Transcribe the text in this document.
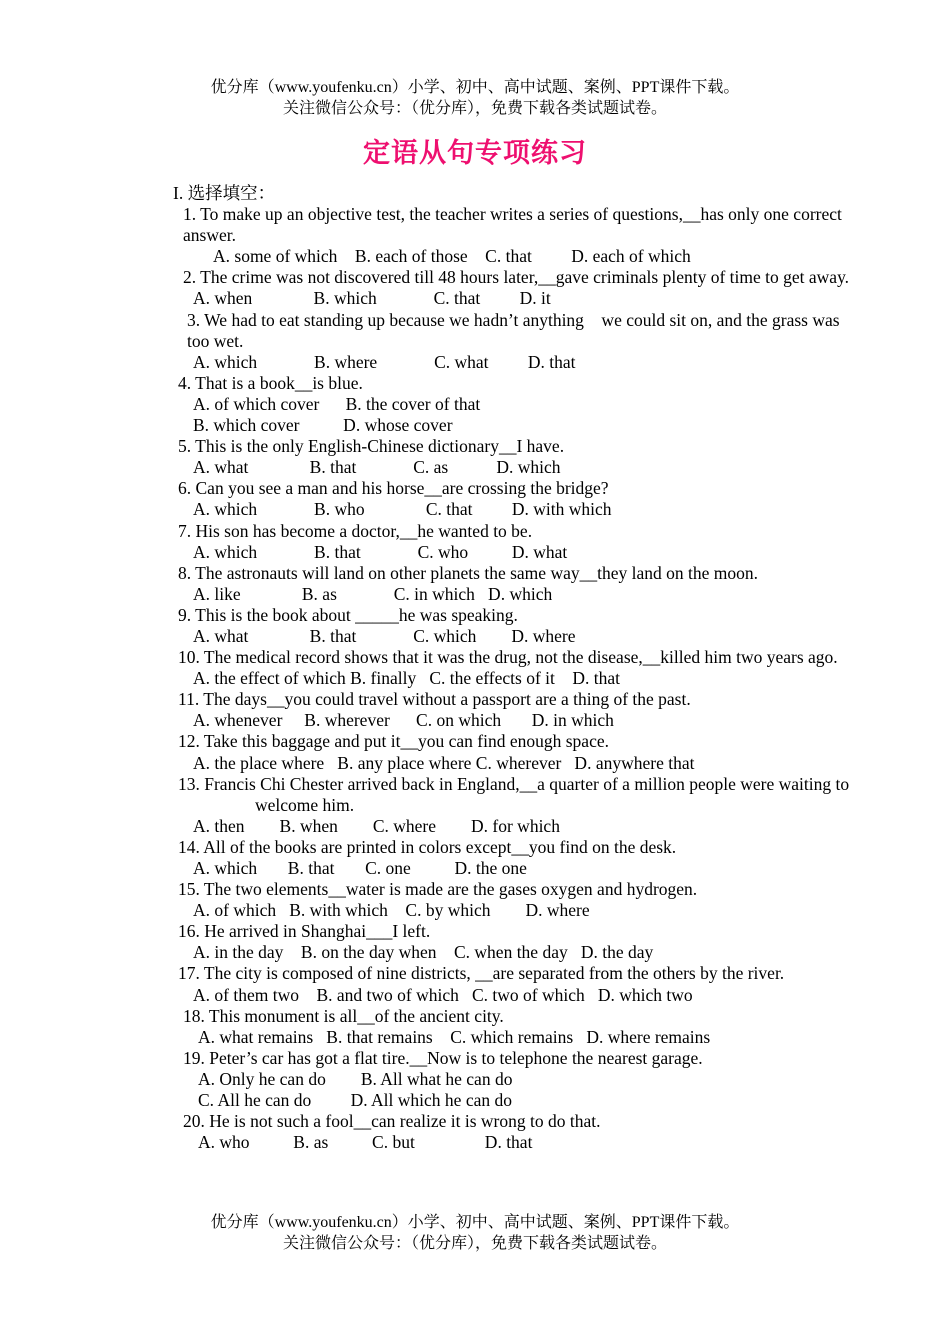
优分库（www.youfenku.cn）小学、初中、高中试题、案例、PPT课件下载。
关注微信公众号：（优分库），免费下载各类试题试卷。
定语从句专项练习
I. 选择填空：
1. To make up an objective test, the teacher writes a series of questions,__has only one correct answer.
A. some of which    B. each of those    C. that         D. each of which
2. The crime was not discovered till 48 hours later,__gave criminals plenty of time to get away.
A. when              B. which             C. that         D. it
3. We had to eat standing up because we hadn’t anything    we could sit on, and the grass was too wet.
A. which             B. where             C. what         D. that
4. That is a book__is blue.
A. of which cover      B. the cover of that
B. which cover          D. whose cover
5. This is the only English-Chinese dictionary__I have.
A. what              B. that             C. as           D. which
6. Can you see a man and his horse__are crossing the bridge?
A. which             B. who              C. that         D. with which
7. His son has become a doctor,__he wanted to be.
A. which             B. that             C. who          D. what
8. The astronauts will land on other planets the same way__they land on the moon.
A. like              B. as             C. in which   D. which
9. This is the book about _____he was speaking.
A. what              B. that             C. which        D. where
10. The medical record shows that it was the drug, not the disease,__killed him two years ago.
A. the effect of which B. finally   C. the effects of it    D. that
11. The days__you could travel without a passport are a thing of the past.
A. whenever     B. wherever      C. on which       D. in which
12. Take this baggage and put it__you can find enough space.
A. the place where   B. any place where C. wherever   D. anywhere that
13. Francis Chi Chester arrived back in England,__a quarter of a million people were waiting to welcome him.
A. then        B. when        C. where        D. for which
14. All of the books are printed in colors except__you find on the desk.
A. which       B. that       C. one          D. the one
15. The two elements__water is made are the gases oxygen and hydrogen.
A. of which   B. with which    C. by which        D. where
16. He arrived in Shanghai___I left.
A. in the day    B. on the day when    C. when the day   D. the day
17. The city is composed of nine districts, __are separated from the others by the river.
A. of them two    B. and two of which   C. two of which   D. which two
18. This monument is all__of the ancient city.
A. what remains   B. that remains    C. which remains   D. where remains
19. Peter’s car has got a flat tire.__Now is to telephone the nearest garage.
A. Only he can do        B. All what he can do
C. All he can do         D. All which he can do
20. He is not such a fool__can realize it is wrong to do that.
A. who          B. as          C. but                D. that
优分库（www.youfenku.cn）小学、初中、高中试题、案例、PPT课件下载。
关注微信公众号：（优分库），免费下载各类试题试卷。
